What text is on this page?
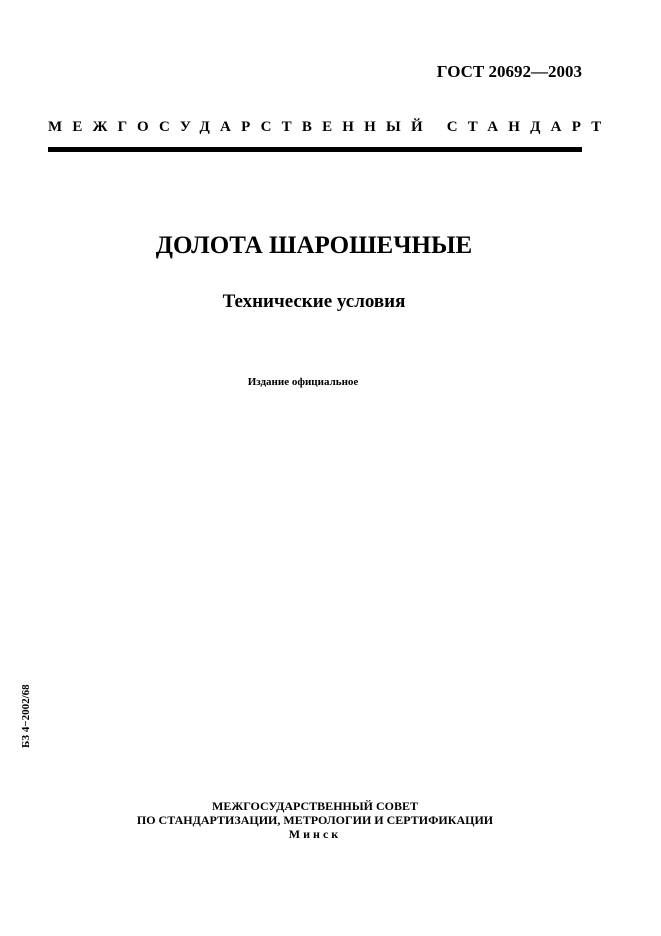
ГОСТ 20692—2003
МЕЖГОСУДАРСТВЕННЫЙ СТАНДАРТ
ДОЛОТА ШАРОШЕЧНЫЕ
Технические условия
Издание официальное
БЗ 4−2002/68
МЕЖГОСУДАРСТВЕННЫЙ СОВЕТ
ПО СТАНДАРТИЗАЦИИ, МЕТРОЛОГИИ И СЕРТИФИКАЦИИ
Минск
